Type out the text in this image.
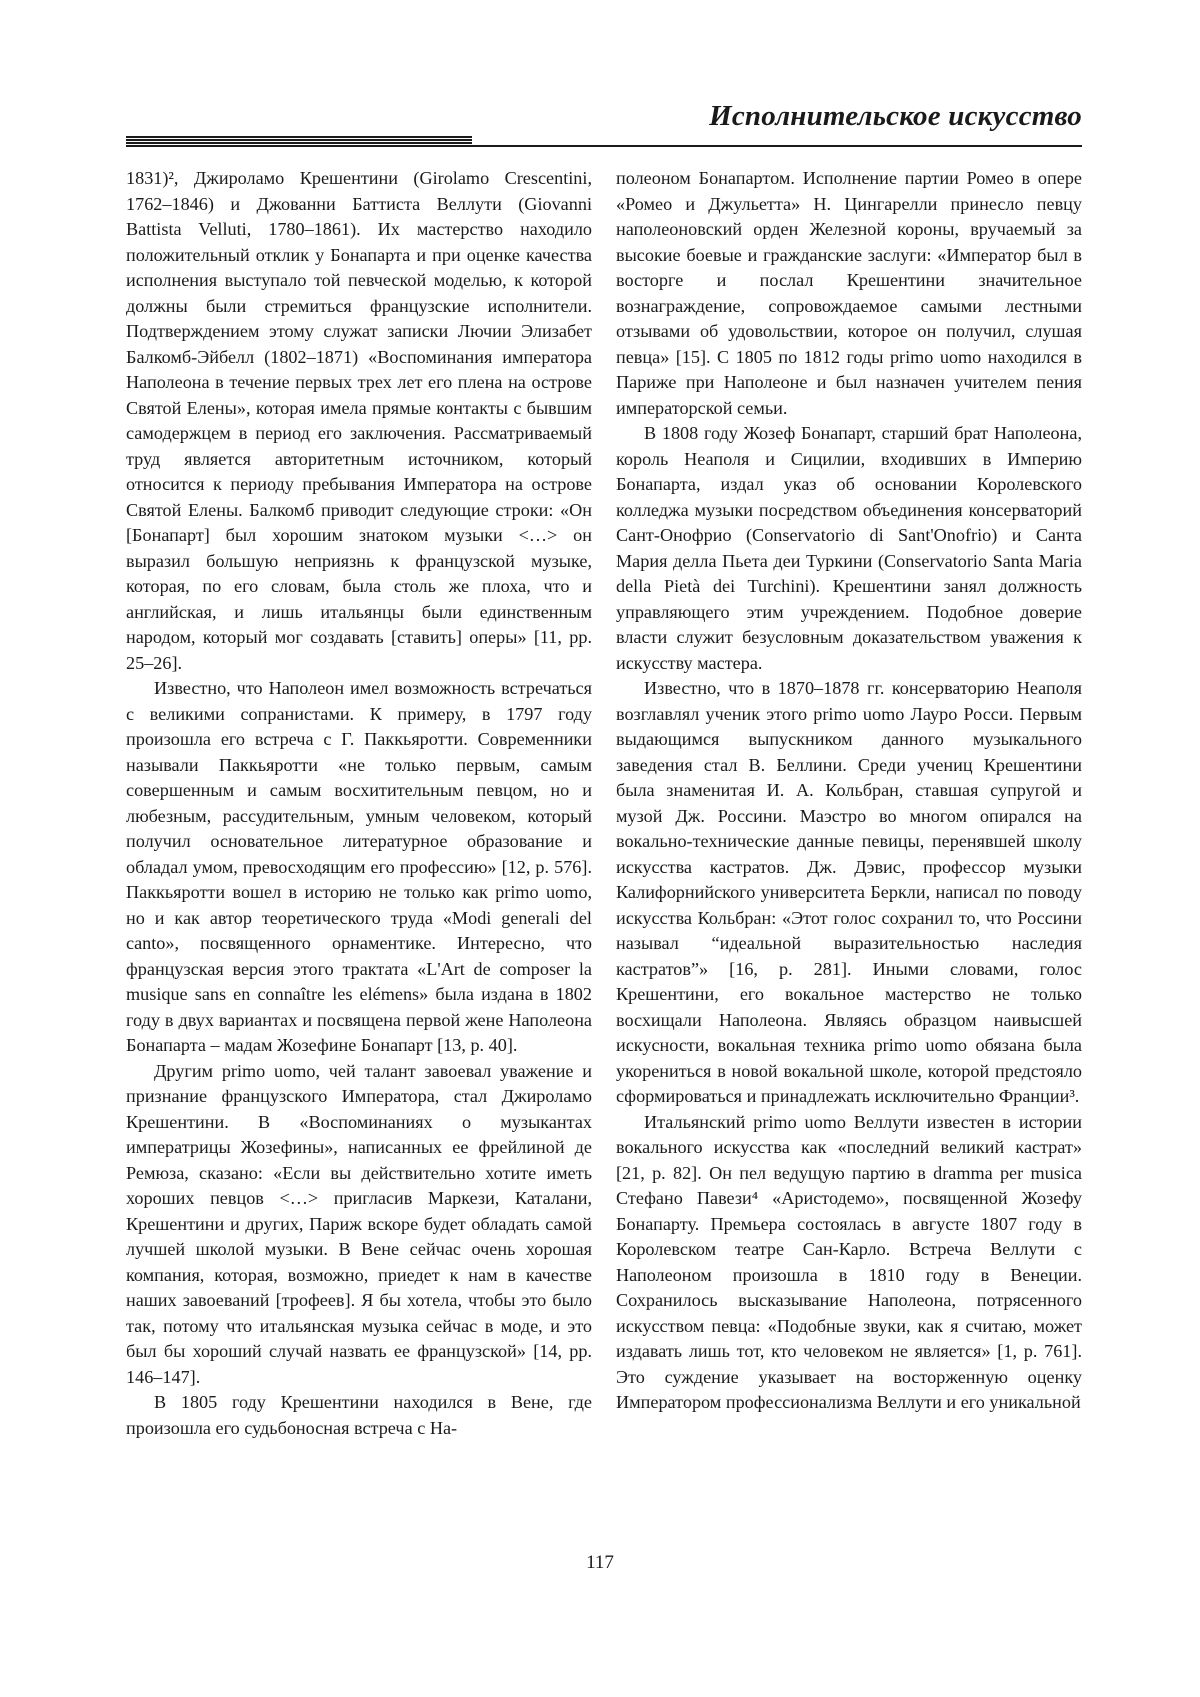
Исполнительское искусство

1831)², Джироламо Крешентини (Girolamo Crescentini, 1762–1846) и Джованни Баттиста Веллути (Giovanni Battista Velluti, 1780–1861). Их мастерство находило положительный отклик у Бонапарта и при оценке качества исполнения выступало той певческой моделью, к которой должны были стремиться французские исполнители. Подтверждением этому служат записки Лючии Элизабет Балкомб-Эйбелл (1802–1871) «Воспоминания императора Наполеона в течение первых трех лет его плена на острове Святой Елены», которая имела прямые контакты с бывшим самодержцем в период его заключения. Рассматриваемый труд является авторитетным источником, который относится к периоду пребывания Императора на острове Святой Елены. Балкомб приводит следующие строки: «Он [Бонапарт] был хорошим знатоком музыки <…> он выразил большую неприязнь к французской музыке, которая, по его словам, была столь же плоха, что и английская, и лишь итальянцы были единственным народом, который мог создавать [ставить] оперы» [11, pp. 25–26].

Известно, что Наполеон имел возможность встречаться с великими сопранистами. К примеру, в 1797 году произошла его встреча с Г. Паккьяротти. Современники называли Паккьяротти «не только первым, самым совершенным и самым восхитительным певцом, но и любезным, рассудительным, умным человеком, который получил основательное литературное образование и обладал умом, превосходящим его профессию» [12, p. 576]. Паккьяротти вошел в историю не только как primo uomo, но и как автор теоретического труда «Modi generali del canto», посвященного орнаментике. Интересно, что французская версия этого трактата «L'Art de composer la musique sans en connaître les elémens» была издана в 1802 году в двух вариантах и посвящена первой жене Наполеона Бонапарта – мадам Жозефине Бонапарт [13, p. 40].

Другим primo uomo, чей талант завоевал уважение и признание французского Императора, стал Джироламо Крешентини. В «Воспоминаниях о музыкантах императрицы Жозефины», написанных ее фрейлиной де Ремюза, сказано: «Если вы действительно хотите иметь хороших певцов <…> пригласив Маркези, Каталани, Крешентини и других, Париж вскоре будет обладать самой лучшей школой музыки. В Вене сейчас очень хорошая компания, которая, возможно, приедет к нам в качестве наших завоеваний [трофеев]. Я бы хотела, чтобы это было так, потому что итальянская музыка сейчас в моде, и это был бы хороший случай назвать ее французской» [14, pp. 146–147].

В 1805 году Крешентини находился в Вене, где произошла его судьбоносная встреча с На-

полеоном Бонапартом. Исполнение партии Ромео в опере «Ромео и Джульетта» Н. Цингарелли принесло певцу наполеоновский орден Железной короны, вручаемый за высокие боевые и гражданские заслуги: «Император был в восторге и послал Крешентини значительное вознаграждение, сопровождаемое самыми лестными отзывами об удовольствии, которое он получил, слушая певца» [15]. С 1805 по 1812 годы primo uomo находился в Париже при Наполеоне и был назначен учителем пения императорской семьи.

В 1808 году Жозеф Бонапарт, старший брат Наполеона, король Неаполя и Сицилии, входивших в Империю Бонапарта, издал указ об основании Королевского колледжа музыки посредством объединения консерваторий Сант-Онофрио (Conservatorio di Sant'Onofrio) и Санта Мария делла Пьета деи Туркини (Conservatorio Santa Maria della Pietà dei Turchini). Крешентини занял должность управляющего этим учреждением. Подобное доверие власти служит безусловным доказательством уважения к искусству мастера.

Известно, что в 1870–1878 гг. консерваторию Неаполя возглавлял ученик этого primo uomo Лауро Росси. Первым выдающимся выпускником данного музыкального заведения стал В. Беллини. Среди учениц Крешентини была знаменитая И. А. Кольбран, ставшая супругой и музой Дж. Россини. Маэстро во многом опирался на вокально-технические данные певицы, перенявшей школу искусства кастратов. Дж. Дэвис, профессор музыки Калифорнийского университета Беркли, написал по поводу искусства Кольбран: «Этот голос сохранил то, что Россини называл “идеальной выразительностью наследия кастратов”» [16, p. 281]. Иными словами, голос Крешентини, его вокальное мастерство не только восхищали Наполеона. Являясь образцом наивысшей искусности, вокальная техника primo uomo обязана была укорениться в новой вокальной школе, которой предстояло сформироваться и принадлежать исключительно Франции³.

Итальянский primo uomo Веллути известен в истории вокального искусства как «последний великий кастрат» [21, p. 82]. Он пел ведущую партию в dramma per musica Стефано Павези⁴ «Аристодемо», посвященной Жозефу Бонапарту. Премьера состоялась в августе 1807 году в Королевском театре Сан-Карло. Встреча Веллути с Наполеоном произошла в 1810 году в Венеции. Сохранилось высказывание Наполеона, потрясенного искусством певца: «Подобные звуки, как я считаю, может издавать лишь тот, кто человеком не является» [1, p. 761]. Это суждение указывает на восторженную оценку Императором профессионализма Веллути и его уникальной

117
